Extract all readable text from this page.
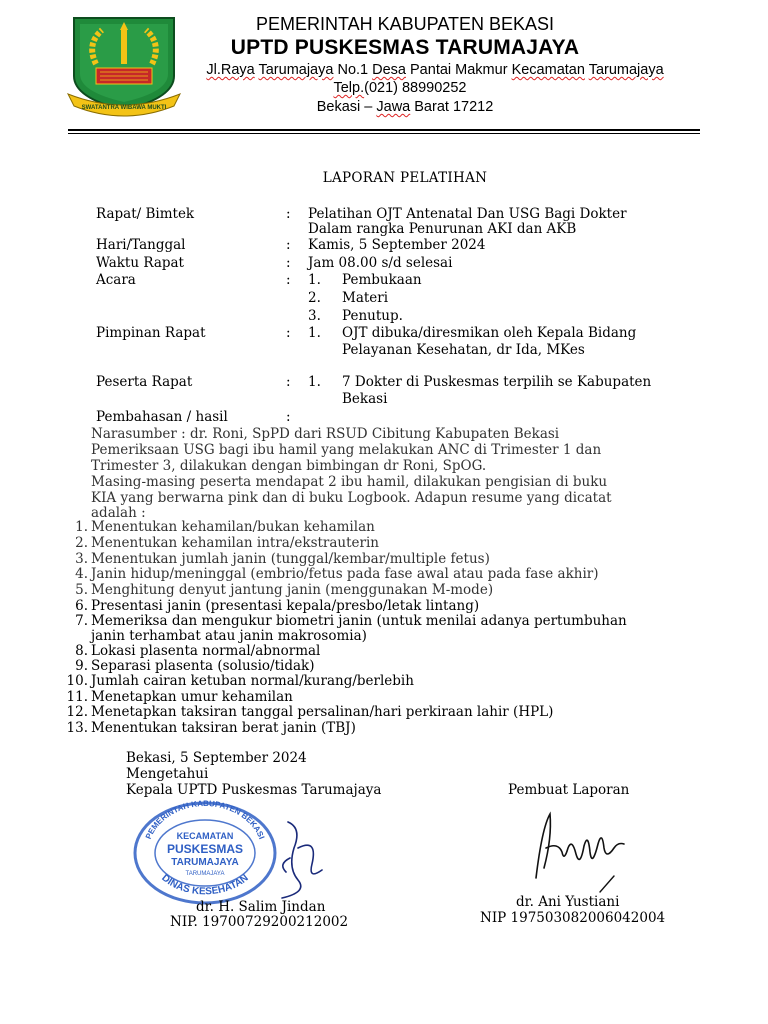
SWATANTRA WIBAWA MUKTI
PEMERINTAH KABUPATEN BEKASI
UPTD PUSKESMAS TARUMAJAYA
Jl.Raya Tarumajaya No.1 Desa Pantai Makmur Kecamatan Tarumajaya
Telp.(021) 88990252
Bekasi – Jawa Barat 17212
LAPORAN PELATIHAN
Rapat/ Bimtek	: Pelatihan OJT Antenatal Dan USG Bagi Dokter
Dalam rangka Penurunan AKI dan AKB
Hari/Tanggal	: Kamis, 5 September 2024
Waktu Rapat	: Jam 08.00 s/d selesai
Acara	: 1. Pembukaan
2. Materi
3. Penutup.
Pimpinan Rapat	: 1. OJT dibuka/diresmikan oleh Kepala Bidang
Pelayanan Kesehatan, dr Ida, MKes
Peserta Rapat	: 1. 7 Dokter di Puskesmas terpilih se Kabupaten
Bekasi
Pembahasan / hasil	:
Narasumber : dr. Roni, SpPD dari RSUD Cibitung Kabupaten Bekasi
Pemeriksaan USG bagi ibu hamil yang melakukan ANC di Trimester 1 dan
Trimester 3, dilakukan dengan bimbingan dr Roni, SpOG.
Masing-masing peserta mendapat 2 ibu hamil, dilakukan pengisian di buku
KIA yang berwarna pink dan di buku Logbook. Adapun resume yang dicatat
adalah :
1. Menentukan kehamilan/bukan kehamilan
2. Menentukan kehamilan intra/ekstrauterin
3. Menentukan jumlah janin (tunggal/kembar/multiple fetus)
4. Janin hidup/meninggal (embrio/fetus pada fase awal atau pada fase akhir)
5. Menghitung denyut jantung janin (menggunakan M-mode)
6. Presentasi janin (presentasi kepala/presbo/letak lintang)
7. Memeriksa dan mengukur biometri janin (untuk menilai adanya pertumbuhan
janin terhambat atau janin makrosomia)
8. Lokasi plasenta normal/abnormal
9. Separasi plasenta (solusio/tidak)
10. Jumlah cairan ketuban normal/kurang/berlebih
11. Menetapkan umur kehamilan
12. Menetapkan taksiran tanggal persalinan/hari perkiraan lahir (HPL)
13. Menentukan taksiran berat janin (TBJ)
Bekasi, 5 September 2024
Mengetahui
Kepala UPTD Puskesmas Tarumajaya	Pembuat Laporan
PEMERINTAH KABUPATEN BEKASI
DINAS KESEHATAN
KECAMATAN
PUSKESMAS
TARUMAJAYA
TARUMAJAYA
dr. H. Salim Jindan
NIP. 19700729200212002
dr. Ani Yustiani
NIP 197503082006042004
